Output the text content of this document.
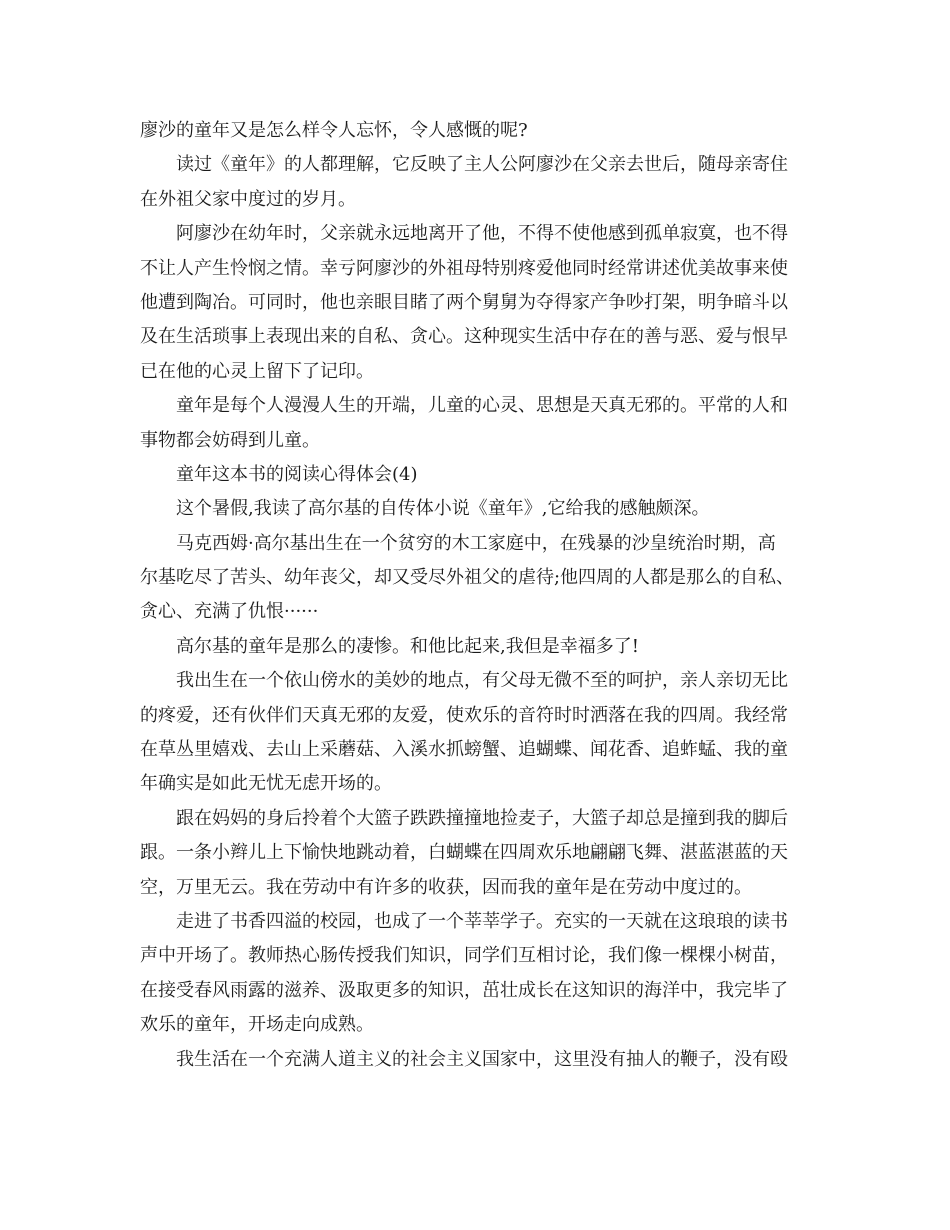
廖沙的童年又是怎么样令人忘怀，令人感慨的呢?
读过《童年》的人都理解，它反映了主人公阿廖沙在父亲去世后，随母亲寄住
在外祖父家中度过的岁月。
阿廖沙在幼年时，父亲就永远地离开了他，不得不使他感到孤单寂寞，也不得
不让人产生怜悯之情。幸亏阿廖沙的外祖母特别疼爱他同时经常讲述优美故事来使
他遭到陶冶。可同时，他也亲眼目睹了两个舅舅为夺得家产争吵打架，明争暗斗以
及在生活琐事上表现出来的自私、贪心。这种现实生活中存在的善与恶、爱与恨早
已在他的心灵上留下了记印。
童年是每个人漫漫人生的开端，儿童的心灵、思想是天真无邪的。平常的人和
事物都会妨碍到儿童。
童年这本书的阅读心得体会(4)
这个暑假,我读了高尔基的自传体小说《童年》,它给我的感触颇深。
马克西姆·高尔基出生在一个贫穷的木工家庭中，在残暴的沙皇统治时期，高
尔基吃尽了苦头、幼年丧父，却又受尽外祖父的虐待;他四周的人都是那么的自私、
贪心、充满了仇恨······
高尔基的童年是那么的凄惨。和他比起来,我但是幸福多了!
我出生在一个依山傍水的美妙的地点，有父母无微不至的呵护，亲人亲切无比
的疼爱，还有伙伴们天真无邪的友爱，使欢乐的音符时时洒落在我的四周。我经常
在草丛里嬉戏、去山上采蘑菇、入溪水抓螃蟹、追蝴蝶、闻花香、追蚱蜢、我的童
年确实是如此无忧无虑开场的。
跟在妈妈的身后拎着个大篮子跌跌撞撞地捡麦子，大篮子却总是撞到我的脚后
跟。一条小辫儿上下愉快地跳动着，白蝴蝶在四周欢乐地翩翩飞舞、湛蓝湛蓝的天
空，万里无云。我在劳动中有许多的收获，因而我的童年是在劳动中度过的。
走进了书香四溢的校园，也成了一个莘莘学子。充实的一天就在这琅琅的读书
声中开场了。教师热心肠传授我们知识，同学们互相讨论，我们像一棵棵小树苗，
在接受春风雨露的滋养、汲取更多的知识，茁壮成长在这知识的海洋中，我完毕了
欢乐的童年，开场走向成熟。
我生活在一个充满人道主义的社会主义国家中，这里没有抽人的鞭子，没有殴
